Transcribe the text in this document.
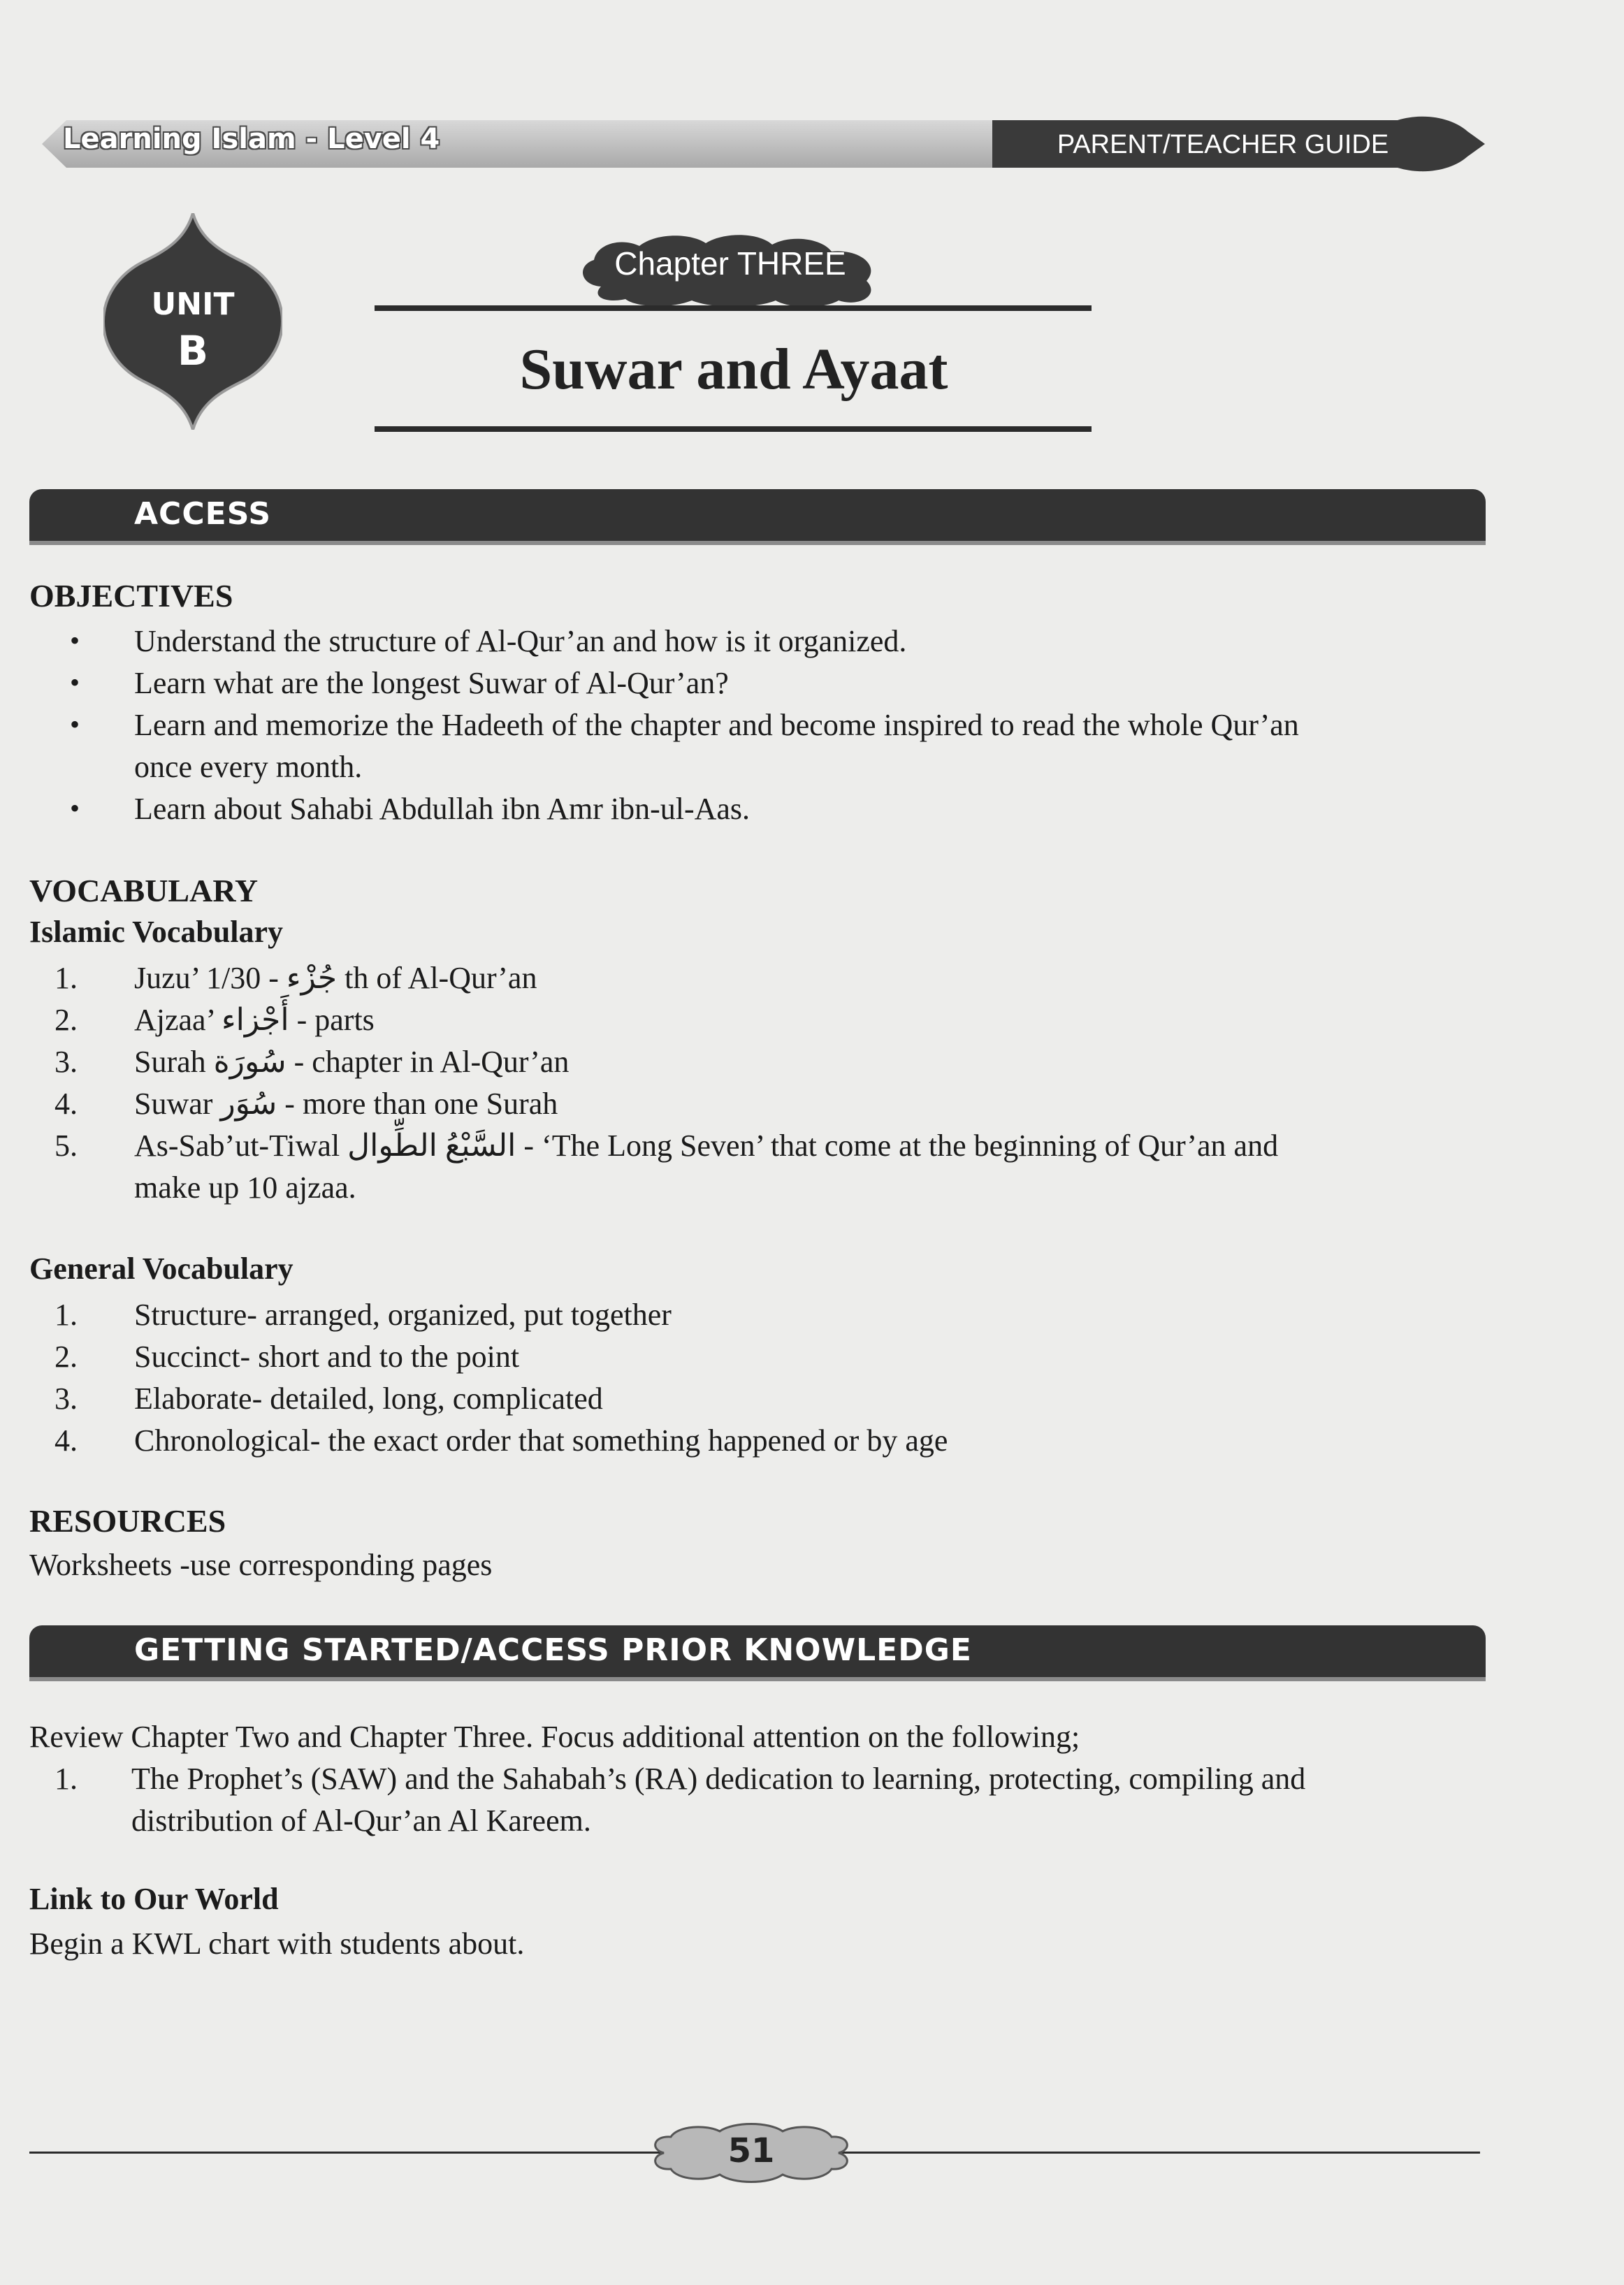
Learning Islam - Level 4	PARENT/TEACHER GUIDE
UNIT
B
Chapter THREE
Suwar and Ayaat
ACCESS
OBJECTIVES
• Understand the structure of Al-Qur’an and how is it organized.
• Learn what are the longest Suwar of Al-Qur’an?
• Learn and memorize the Hadeeth of the chapter and become inspired to read the whole Qur’an
once every month.
• Learn about Sahabi Abdullah ibn Amr ibn-ul-Aas.
VOCABULARY
Islamic Vocabulary
1. Juzu’ 1/30 - جُزْء th of Al-Qur’an
2. Ajzaa’ أَجْزاء - parts
3. Surah سُورَة - chapter in Al-Qur’an
4. Suwar سُوَر - more than one Surah
5. As-Sab’ut-Tiwal السَّبْعُ الطِّوال - ‘The Long Seven’ that come at the beginning of Qur’an and
make up 10 ajzaa.
General Vocabulary
1. Structure- arranged, organized, put together
2. Succinct- short and to the point
3. Elaborate- detailed, long, complicated
4. Chronological- the exact order that something happened or by age
RESOURCES
Worksheets -use corresponding pages
GETTING STARTED/ACCESS PRIOR KNOWLEDGE
Review Chapter Two and Chapter Three. Focus additional attention on the following;
1. The Prophet’s (SAW) and the Sahabah’s (RA) dedication to learning, protecting, compiling and
distribution of Al-Qur’an Al Kareem.
Link to Our World
Begin a KWL chart with students about.
51
